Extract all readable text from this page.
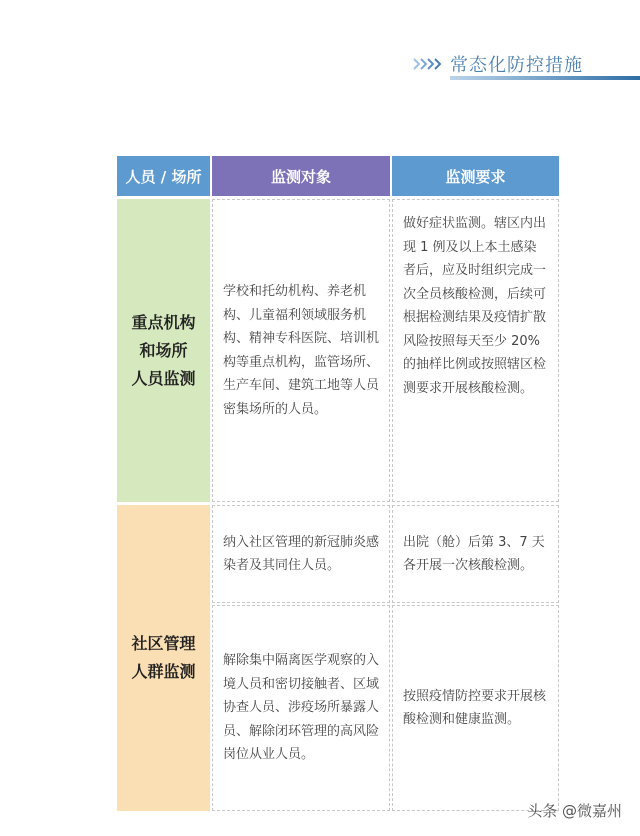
常态化防控措施
人员 / 场所	监测对象	监测要求
重点机构
和场所
人员监测
学校和托幼机构、养老机构、儿童福利领域服务机构、精神专科医院、培训机构等重点机构，监管场所、生产车间、建筑工地等人员密集场所的人员。
做好症状监测。辖区内出现 1 例及以上本土感染者后，应及时组织完成一次全员核酸检测，后续可根据检测结果及疫情扩散风险按照每天至少 20% 的抽样比例或按照辖区检测要求开展核酸检测。
社区管理
人群监测
纳入社区管理的新冠肺炎感染者及其同住人员。
出院（舱）后第 3、7 天各开展一次核酸检测。
解除集中隔离医学观察的入境人员和密切接触者、区域协查人员、涉疫场所暴露人员、解除闭环管理的高风险岗位从业人员。
按照疫情防控要求开展核酸检测和健康监测。
头条 @微嘉州
